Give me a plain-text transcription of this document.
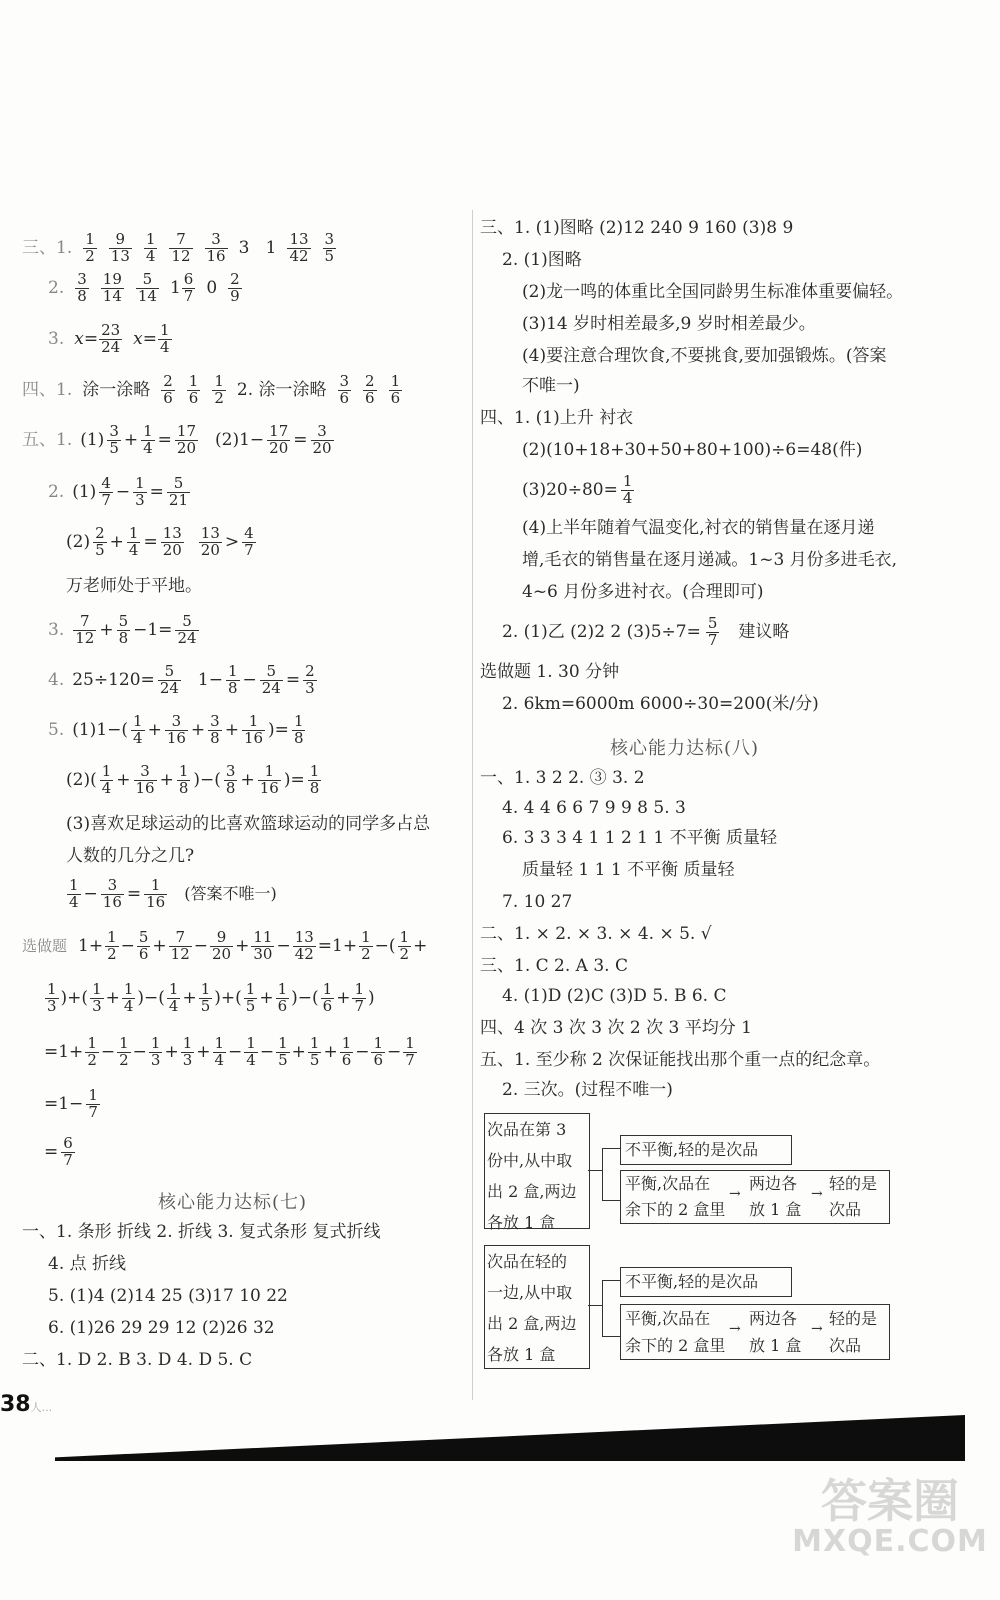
三、1. 1
2
9
13
1
4
7
12
3
16 3   1 13
42
3
5
2. 3
8
19
14
5
14 1 6
7 0 2
9
3. $x= \frac{23}{24} x= \frac{1}{4}$
四、1. 涂一涂略 2
6
1
6
1
2 2. 涂一涂略 3
6
2
6
1
6
五、1. (1) 3
$5 + \frac{1}{4} = \frac{17}{20} (2)1- \frac{17}{20} = \frac{3}{20}$
2. (1) 4
$7 - \frac{1}{3} = \frac{5}{21}$
(2) 2
$5 + \frac{1}{4} = \frac{13}{20} 13$
20 > 4
7
万老师处于平地。
3. 7
$12 + \frac{5}{8} -1= \frac{5}{24}$
4. $25\div 120= \frac{5}{24} 1- \frac{1}{8} - \frac{5}{24} = \frac{2}{3}$
5. (1)1−( 1
$4 + \frac{3}{16} + \frac{3}{8} + \frac{1}{16}$ )= $\frac{1}{8}$
(2)( 1
$4 + \frac{3}{16} + \frac{1}{8}$ )−( 3
$8 + \frac{1}{16}$ )= $\frac{1}{8}$
(3)喜欢足球运动的比喜欢篮球运动的同学多占总
人数的几分之几?
1
$4 - \frac{3}{16} = \frac{1}{16}$ (答案不唯一)
选做题 $1+ \frac{1}{2} - \frac{5}{6} + \frac{7}{12} - \frac{9}{20} + \frac{11}{30} - \frac{13}{42} =1+ \frac{1}{2}$ −( 1
2 +
1
3 )+( 1
$3 + \frac{1}{4}$ )−( 1
$4 + \frac{1}{5}$ )+( 1
$5 + \frac{1}{6}$ )−( 1
$6 + \frac{1}{7}$ )
$=1+ \frac{1}{2} - \frac{1}{2} - \frac{1}{3} + \frac{1}{3} + \frac{1}{4} - \frac{1}{4} - \frac{1}{5} + \frac{1}{5} + \frac{1}{6} - \frac{1}{6} - \frac{1}{7}$
$=1- \frac{1}{7}$
= $\frac{6}{7}$
核心能力达标(七)
一、1. 条形 折线 2. 折线 3. 复式条形 复式折线
4. 点 折线
5. (1)4 (2)14 25 (3)17 10 22
6. (1)26 29 29 12 (2)26 32
二、1. D 2. B 3. D 4. D 5. C
三、1. (1)图略 (2)12 240 9 160 (3)8 9
2. (1)图略
(2)龙一鸣的体重比全国同龄男生标准体重要偏轻。
(3)14 岁时相差最多,9 岁时相差最少。
(4)要注意合理饮食,不要挑食,要加强锻炼。(答案
不唯一)
四、1. (1)上升 衬衣
(2)(10+18+30+50+80+100)÷6=48(件)
$(3)20\div 80= \frac{1}{4}$
(4)上半年随着气温变化,衬衣的销售量在逐月递
增,毛衣的销售量在逐月递减。1~3 月份多进毛衣,
4~6 月份多进衬衣。(合理即可)
2. (1)乙 (2)2 2 $(3)5\div 7= \frac{5}{7}$ 建议略
选做题 1. 30 分钟
2. 6km=6000m 6000÷30=200(米/分)
核心能力达标(八)
一、1. 3 2 2. ③ 3. 2
4. 4 4 6 6 7 9 9 8 5. 3
6. 3 3 3 4 1 1 2 1 1 不平衡 质量轻
质量轻 1 1 1 不平衡 质量轻
7. 10 27
二、1. × 2. × 3. × 4. × 5. √
三、1. C 2. A 3. C
4. (1)D (2)C (3)D 5. B 6. C
四、4 次 3 次 3 次 2 次 3 平均分 1
五、1. 至少称 2 次保证能找出那个重一点的纪念章。
2. 三次。(过程不唯一)
次品在第 3
份中,从中取
出 2 盒,两边
各放 1 盒
不平衡,轻的是次品
平衡,次品在
余下的 2 盒里
两边各
放 1 盒
轻的是
次品
→	→
次品在轻的
一边,从中取
出 2 盒,两边
各放 1 盒
不平衡,轻的是次品
平衡,次品在
余下的 2 盒里
两边各
放 1 盒
轻的是
次品
→	→
38人...
答案圈
MXQE.COM
